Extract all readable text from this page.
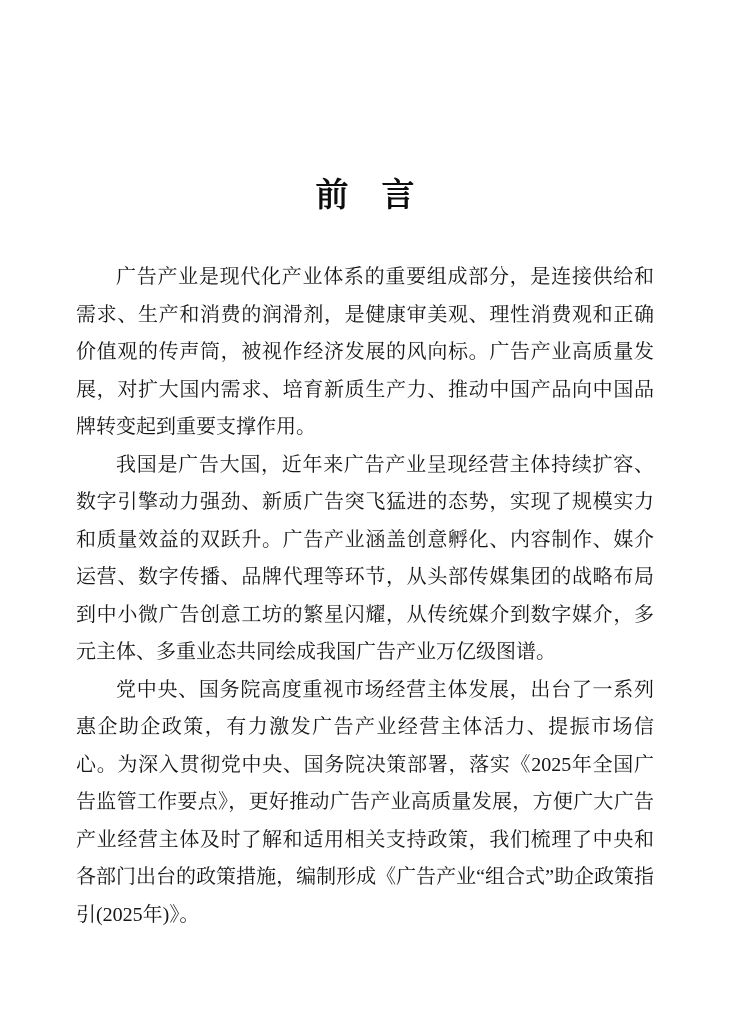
前　言

广告产业是现代化产业体系的重要组成部分，是连接供给和需求、生产和消费的润滑剂，是健康审美观、理性消费观和正确价值观的传声筒，被视作经济发展的风向标。广告产业高质量发展，对扩大国内需求、培育新质生产力、推动中国产品向中国品牌转变起到重要支撑作用。

我国是广告大国，近年来广告产业呈现经营主体持续扩容、数字引擎动力强劲、新质广告突飞猛进的态势，实现了规模实力和质量效益的双跃升。广告产业涵盖创意孵化、内容制作、媒介运营、数字传播、品牌代理等环节，从头部传媒集团的战略布局到中小微广告创意工坊的繁星闪耀，从传统媒介到数字媒介，多元主体、多重业态共同绘成我国广告产业万亿级图谱。

党中央、国务院高度重视市场经营主体发展，出台了一系列惠企助企政策，有力激发广告产业经营主体活力、提振市场信心。为深入贯彻党中央、国务院决策部署，落实《2025年全国广告监管工作要点》，更好推动广告产业高质量发展，方便广大广告产业经营主体及时了解和适用相关支持政策，我们梳理了中央和各部门出台的政策措施，编制形成《广告产业“组合式”助企政策指引(2025年)》。
